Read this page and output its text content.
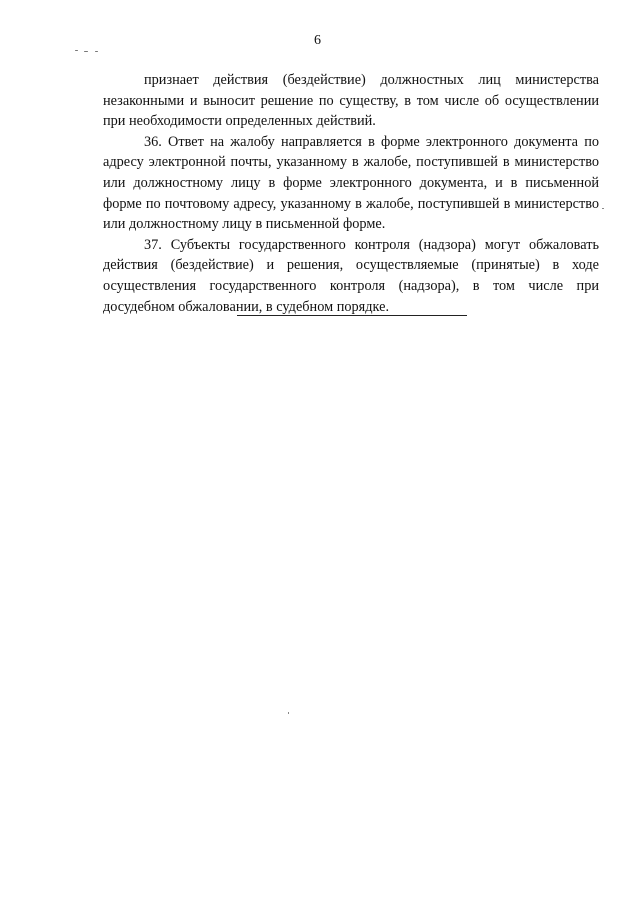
6

признает действия (бездействие) должностных лиц министерства незаконными и выносит решение по существу, в том числе об осуществлении при необходимости определенных действий.

36. Ответ на жалобу направляется в форме электронного документа по адресу электронной почты, указанному в жалобе, поступившей в министерство или должностному лицу в форме электронного документа, и в письменной форме по почтовому адресу, указанному в жалобе, поступившей в министерство или должностному лицу в письменной форме.

37. Субъекты государственного контроля (надзора) могут обжаловать действия (бездействие) и решения, осуществляемые (принятые) в ходе осуществления государственного контроля (надзора), в том числе при досудебном обжаловании, в судебном порядке.
